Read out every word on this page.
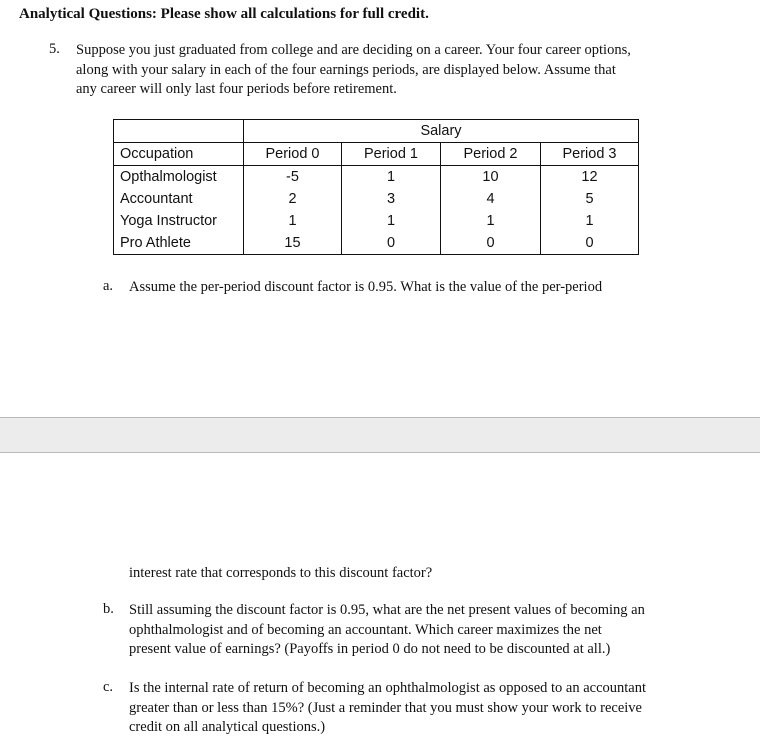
Analytical Questions: Please show all calculations for full credit.
5. Suppose you just graduated from college and are deciding on a career. Your four career options,
along with your salary in each of the four earnings periods, are displayed below. Assume that
any career will only last four periods before retirement.
	Salary			
Occupation	Period 0	Period 1	Period 2	Period 3
Opthalmologist	-5	1	10	12
Accountant	2	3	4	5
Yoga Instructor	1	1	1	1
Pro Athlete	15	0	0	0
a. Assume the per-period discount factor is 0.95. What is the value of the per-period
interest rate that corresponds to this discount factor?
b. Still assuming the discount factor is 0.95, what are the net present values of becoming an
ophthalmologist and of becoming an accountant. Which career maximizes the net
present value of earnings? (Payoffs in period 0 do not need to be discounted at all.)
c. Is the internal rate of return of becoming an ophthalmologist as opposed to an accountant
greater than or less than 15%? (Just a reminder that you must show your work to receive
credit on all analytical questions.)
